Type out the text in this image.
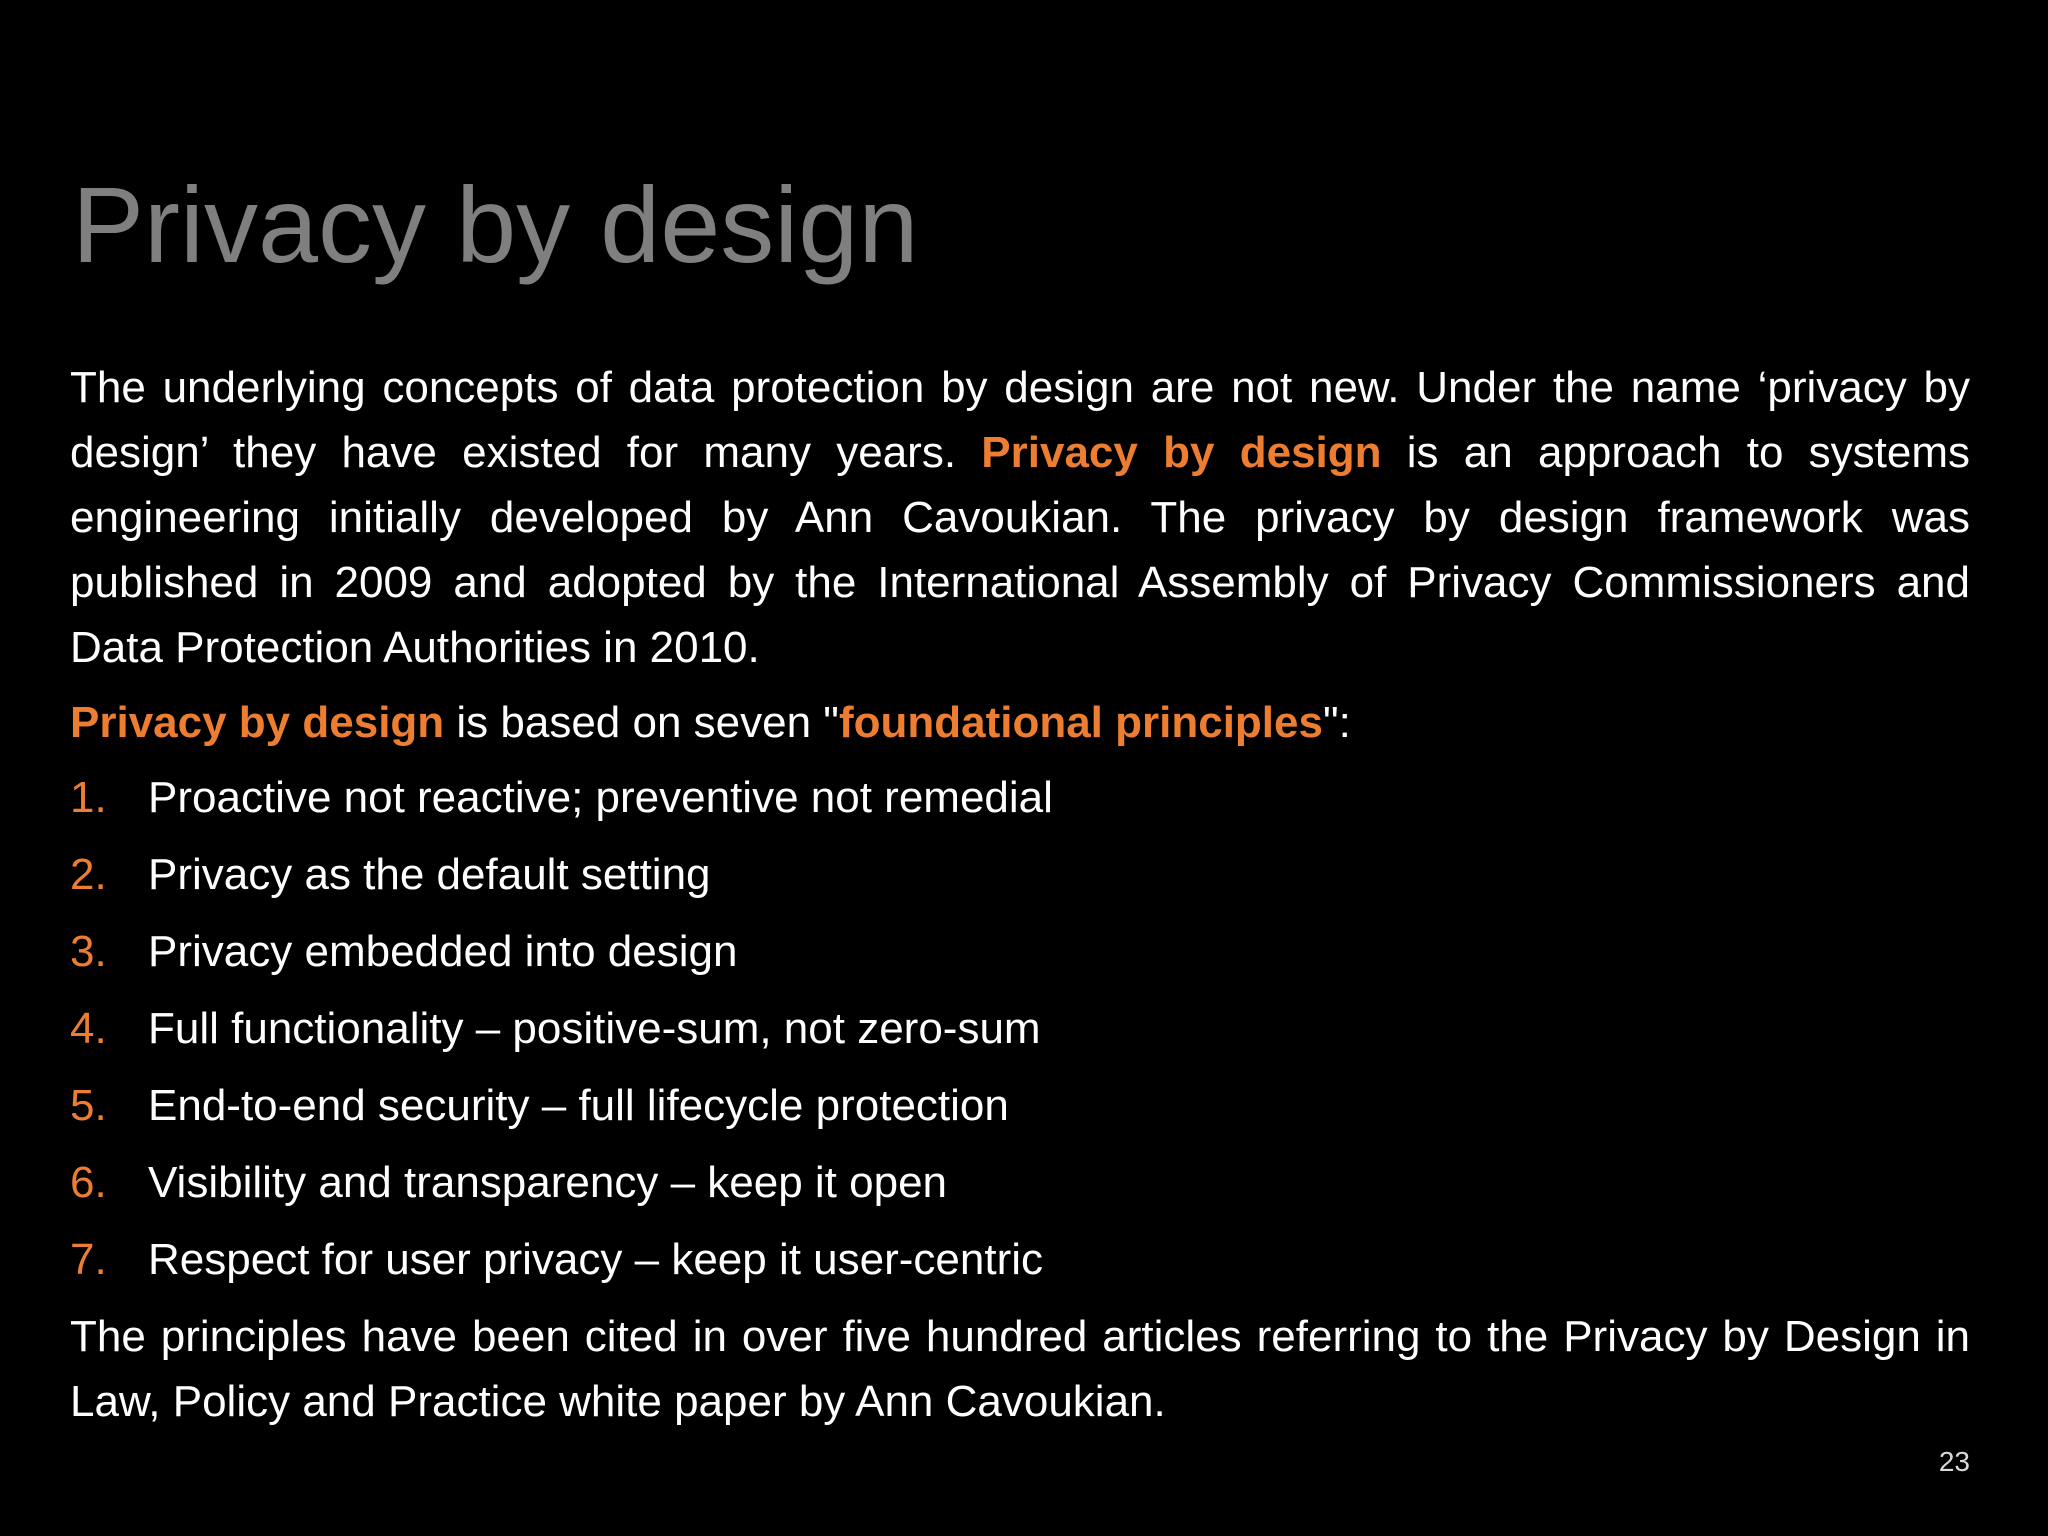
Privacy by design

The underlying concepts of data protection by design are not new. Under the name ‘privacy by design’ they have existed for many years. Privacy by design is an approach to systems engineering initially developed by Ann Cavoukian. The privacy by design framework was published in 2009 and adopted by the International Assembly of Privacy Commissioners and Data Protection Authorities in 2010.

Privacy by design is based on seven "foundational principles":

1. Proactive not reactive; preventive not remedial
2. Privacy as the default setting
3. Privacy embedded into design
4. Full functionality – positive-sum, not zero-sum
5. End-to-end security – full lifecycle protection
6. Visibility and transparency – keep it open
7. Respect for user privacy – keep it user-centric

The principles have been cited in over five hundred articles referring to the Privacy by Design in Law, Policy and Practice white paper by Ann Cavoukian.

23
